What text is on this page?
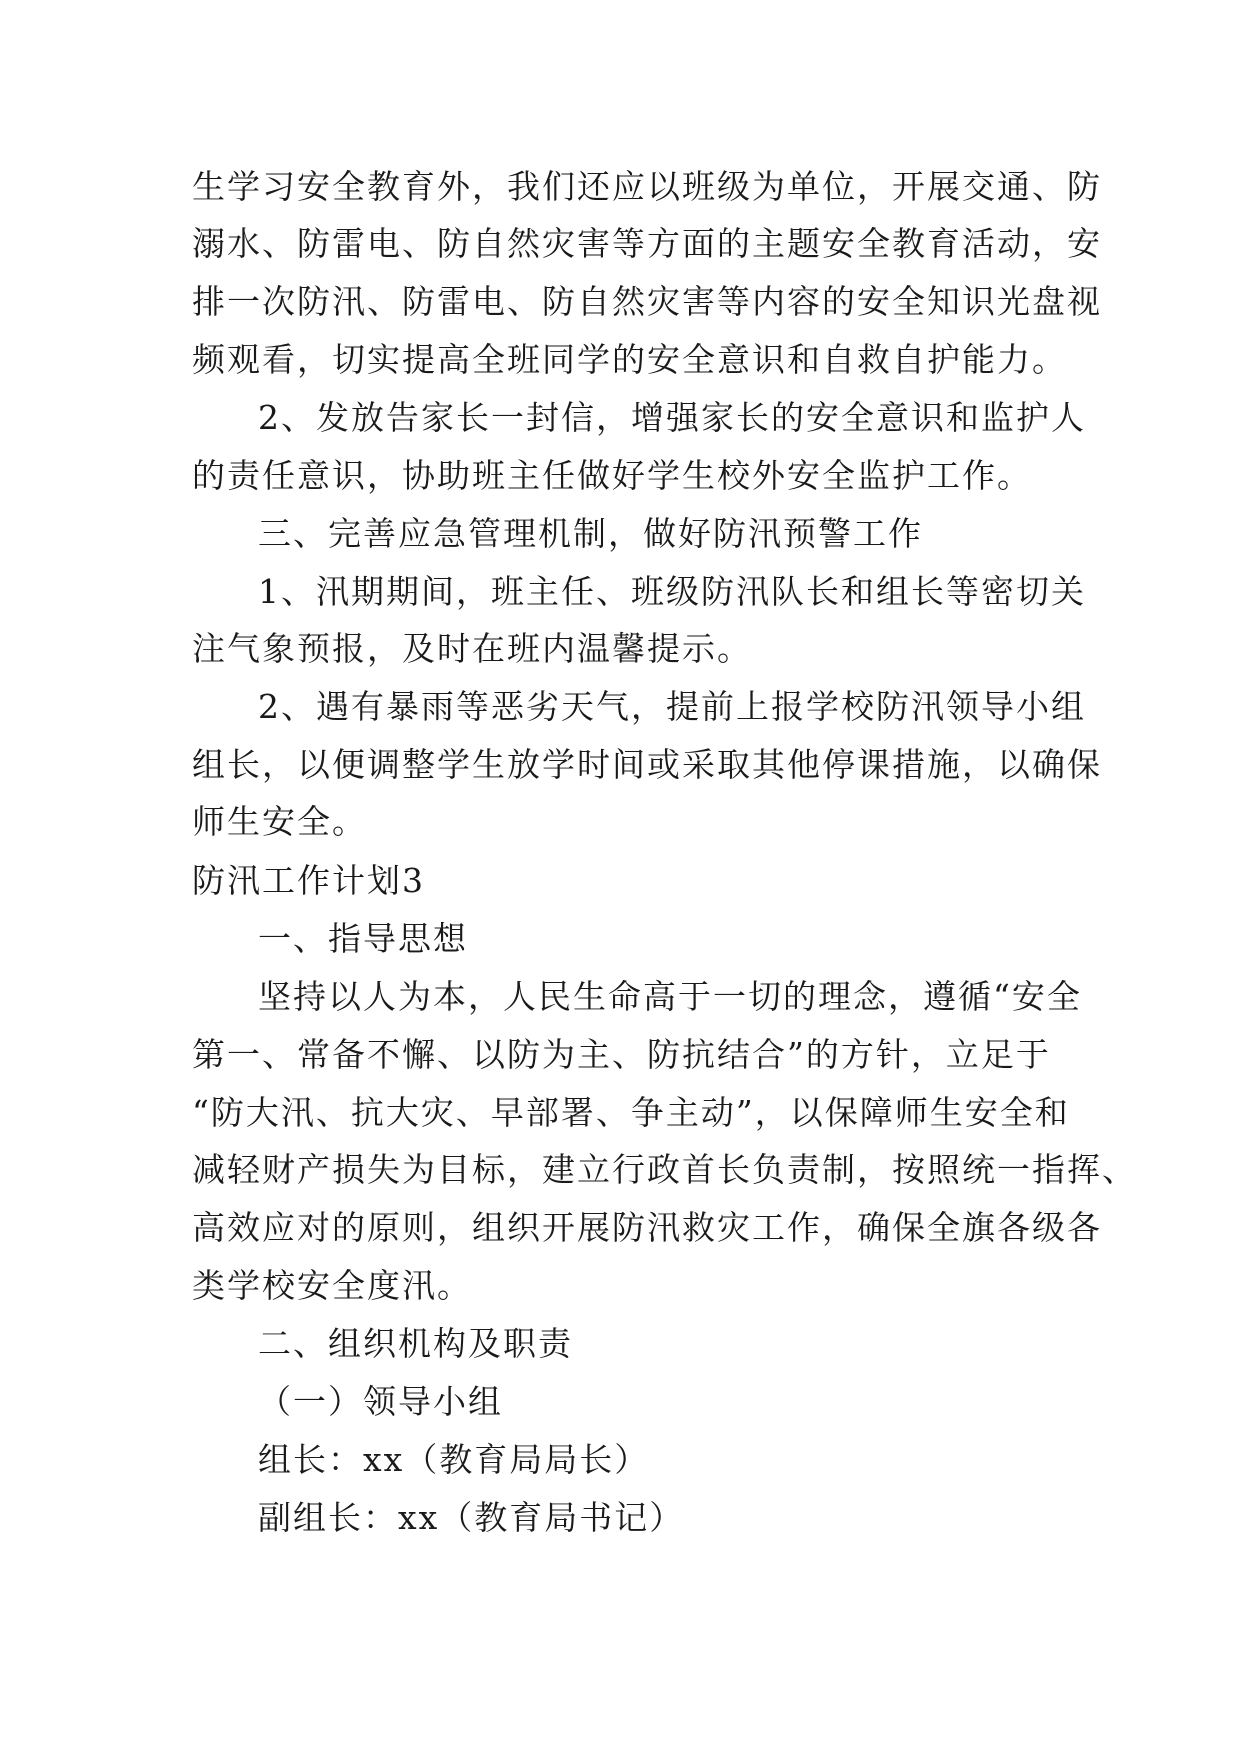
生学习安全教育外，我们还应以班级为单位，开展交通、防
溺水、防雷电、防自然灾害等方面的主题安全教育活动，安
排一次防汛、防雷电、防自然灾害等内容的安全知识光盘视
频观看，切实提高全班同学的安全意识和自救自护能力。
2、发放告家长一封信，增强家长的安全意识和监护人
的责任意识，协助班主任做好学生校外安全监护工作。
三、完善应急管理机制，做好防汛预警工作
1、汛期期间，班主任、班级防汛队长和组长等密切关
注气象预报，及时在班内温馨提示。
2、遇有暴雨等恶劣天气，提前上报学校防汛领导小组
组长，以便调整学生放学时间或采取其他停课措施，以确保
师生安全。
防汛工作计划3
一、指导思想
坚持以人为本，人民生命高于一切的理念，遵循“安全
第一、常备不懈、以防为主、防抗结合”的方针，立足于
“防大汛、抗大灾、早部署、争主动”，以保障师生安全和
减轻财产损失为目标，建立行政首长负责制，按照统一指挥、
高效应对的原则，组织开展防汛救灾工作，确保全旗各级各
类学校安全度汛。
二、组织机构及职责
（一）领导小组
组长：xx（教育局局长）
副组长：xx（教育局书记）
